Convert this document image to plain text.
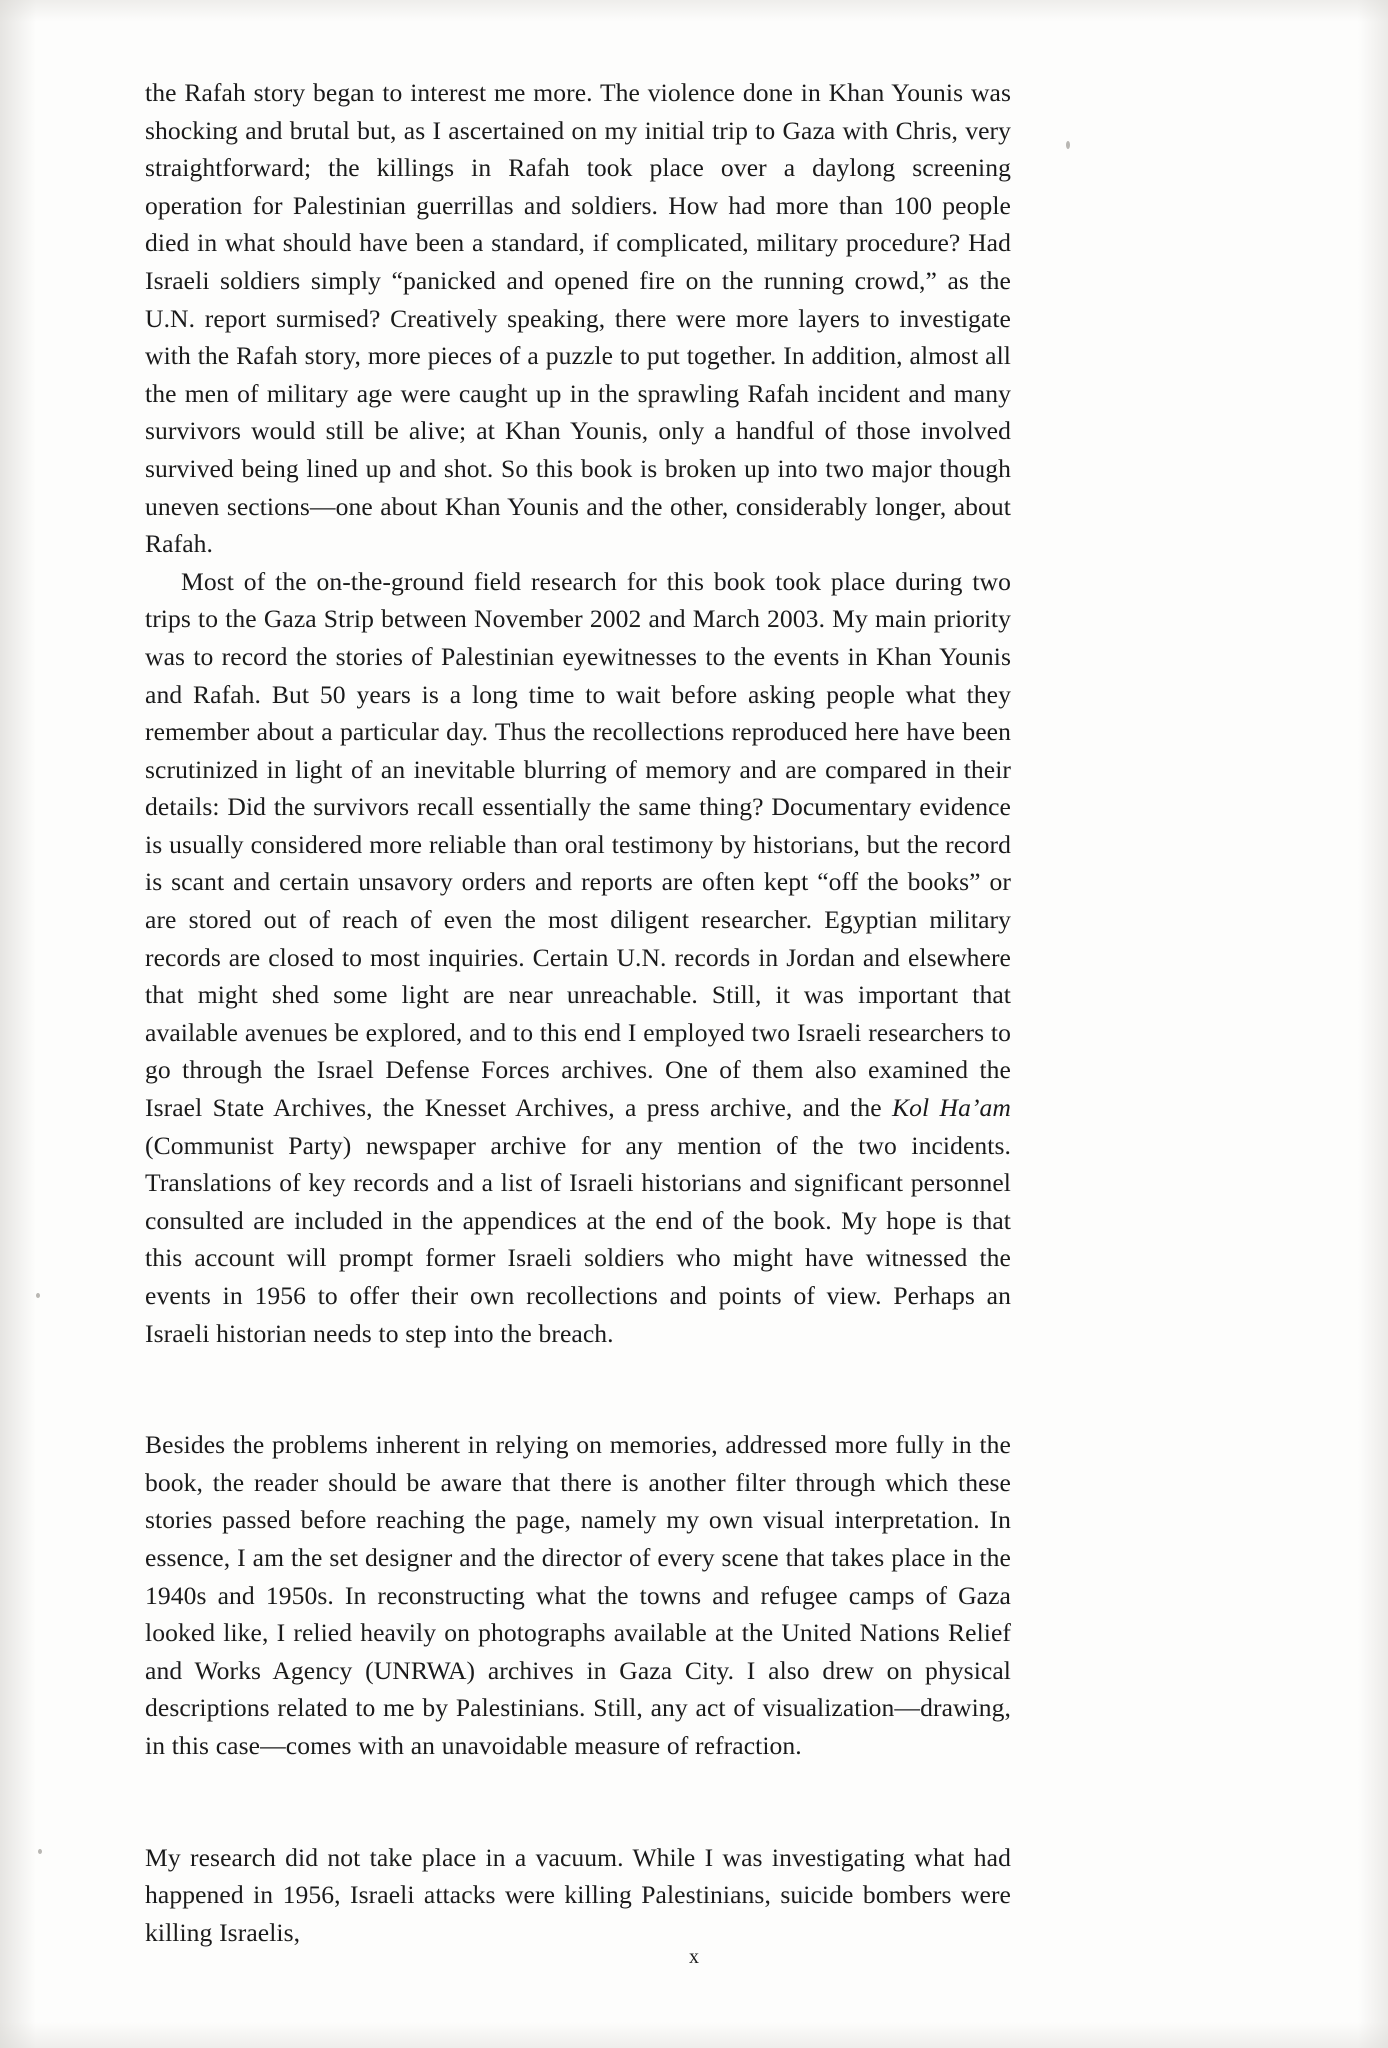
the Rafah story began to interest me more. The violence done in Khan Younis was shocking and brutal but, as I ascertained on my initial trip to Gaza with Chris, very straightforward; the killings in Rafah took place over a daylong screening operation for Palestinian guerrillas and soldiers. How had more than 100 people died in what should have been a standard, if complicated, military procedure? Had Israeli soldiers simply “panicked and opened fire on the running crowd,” as the U.N. report surmised? Creatively speaking, there were more layers to investigate with the Rafah story, more pieces of a puzzle to put together. In addition, almost all the men of military age were caught up in the sprawling Rafah incident and many survivors would still be alive; at Khan Younis, only a handful of those involved survived being lined up and shot. So this book is broken up into two major though uneven sections—one about Khan Younis and the other, considerably longer, about Rafah.

Most of the on-the-ground field research for this book took place during two trips to the Gaza Strip between November 2002 and March 2003. My main priority was to record the stories of Palestinian eyewitnesses to the events in Khan Younis and Rafah. But 50 years is a long time to wait before asking people what they remember about a particular day. Thus the recollections reproduced here have been scrutinized in light of an inevitable blurring of memory and are compared in their details: Did the survivors recall essentially the same thing? Documentary evidence is usually considered more reliable than oral testimony by historians, but the record is scant and certain unsavory orders and reports are often kept “off the books” or are stored out of reach of even the most diligent researcher. Egyptian military records are closed to most inquiries. Certain U.N. records in Jordan and elsewhere that might shed some light are near unreachable. Still, it was important that available avenues be explored, and to this end I employed two Israeli researchers to go through the Israel Defense Forces archives. One of them also examined the Israel State Archives, the Knesset Archives, a press archive, and the Kol Ha’am (Communist Party) newspaper archive for any mention of the two incidents. Translations of key records and a list of Israeli historians and significant personnel consulted are included in the appendices at the end of the book. My hope is that this account will prompt former Israeli soldiers who might have witnessed the events in 1956 to offer their own recollections and points of view. Perhaps an Israeli historian needs to step into the breach.

Besides the problems inherent in relying on memories, addressed more fully in the book, the reader should be aware that there is another filter through which these stories passed before reaching the page, namely my own visual interpretation. In essence, I am the set designer and the director of every scene that takes place in the 1940s and 1950s. In reconstructing what the towns and refugee camps of Gaza looked like, I relied heavily on photographs available at the United Nations Relief and Works Agency (UNRWA) archives in Gaza City. I also drew on physical descriptions related to me by Palestinians. Still, any act of visualization—drawing, in this case—comes with an unavoidable measure of refraction.

My research did not take place in a vacuum. While I was investigating what had happened in 1956, Israeli attacks were killing Palestinians, suicide bombers were killing Israelis,

x
